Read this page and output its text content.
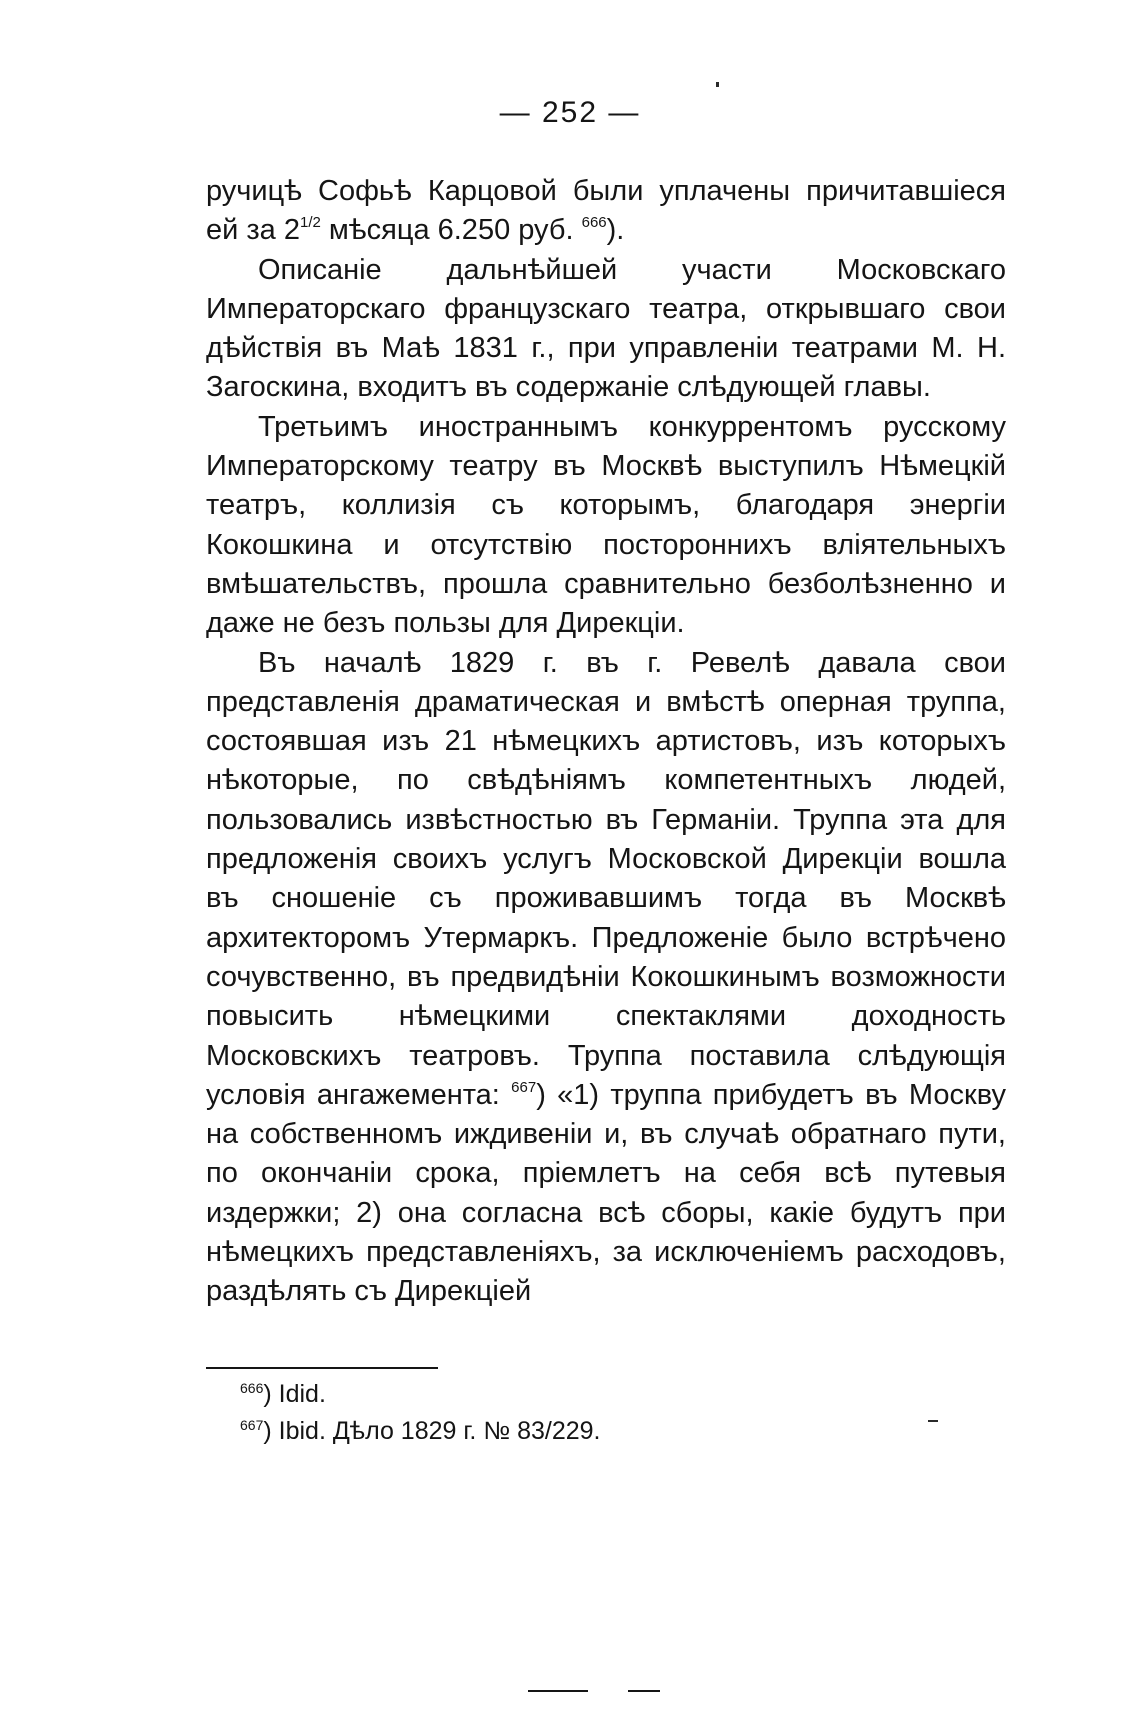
— 252 —

ручицѣ Софьѣ Карцовой были уплачены причитавшіеся ей за $2^{1/2}$ мѣсяца 6.250 руб. $^{666}$).

Описаніе дальнѣйшей участи Московскаго Императорскаго французскаго театра, открывшаго свои дѣйствія въ Маѣ 1831 г., при управленіи театрами М. Н. Загоскина, входитъ въ содержаніе слѣдующей главы.

Третьимъ иностраннымъ конкуррентомъ русскому Императорскому театру въ Москвѣ выступилъ Нѣмецкій театръ, коллизія съ которымъ, благодаря энергіи Кокошкина и отсутствію постороннихъ вліятельныхъ вмѣшательствъ, прошла сравнительно безболѣзненно и даже не безъ пользы для Дирекціи.

Въ началѣ 1829 г. въ г. Ревелѣ давала свои представленія драматическая и вмѣстѣ оперная труппа, состоявшая изъ 21 нѣмецкихъ артистовъ, изъ которыхъ нѣкоторые, по свѣдѣніямъ компетентныхъ людей, пользовались извѣстностью въ Германіи. Труппа эта для предложенія своихъ услугъ Московской Дирекціи вошла въ сношеніе съ проживавшимъ тогда въ Москвѣ архитекторомъ Утермаркъ. Предложеніе было встрѣчено сочувственно, въ предвидѣніи Кокошкинымъ возможности повысить нѣмецкими спектаклями доходность Московскихъ театровъ. Труппа поставила слѣдующія условія ангажемента: $^{667}$) «1) труппа прибудетъ въ Москву на собственномъ иждивеніи и, въ случаѣ обратнаго пути, по окончаніи срока, пріемлетъ на себя всѣ путевыя издержки; 2) она согласна всѣ сборы, какіе будутъ при нѣмецкихъ представленіяхъ, за исключеніемъ расходовъ, раздѣлять съ Дирекціей

$^{666}$) Idid.
$^{667}$) Ibid. Дѣло 1829 г. № 83/229.
